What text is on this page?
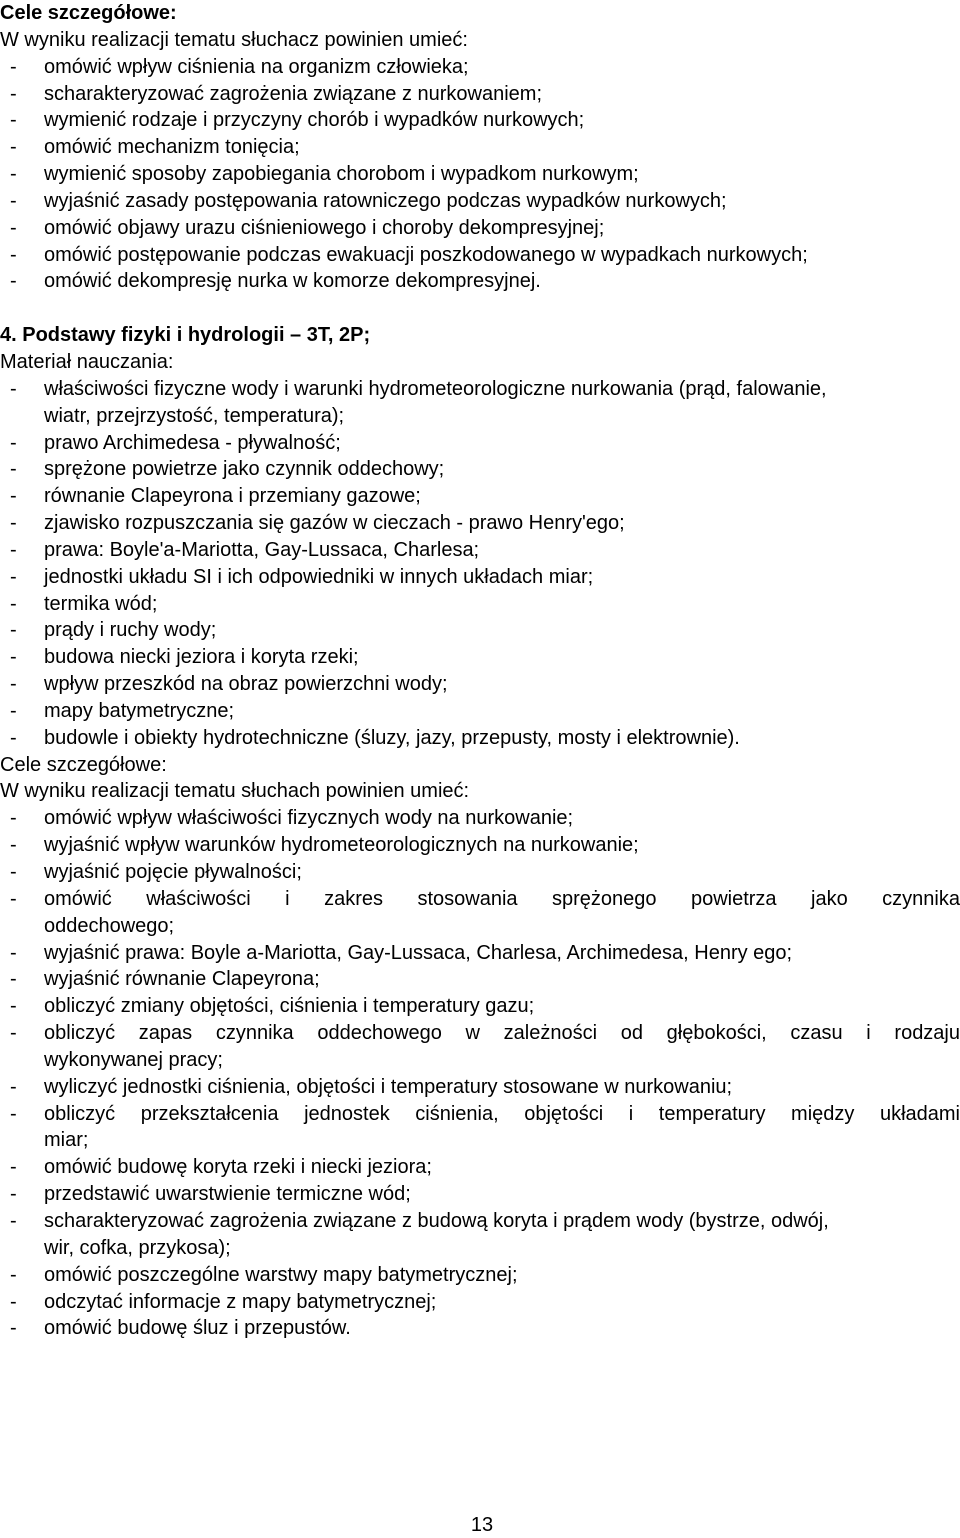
Cele szczegółowe:
W wyniku realizacji tematu słuchacz powinien umieć:
- omówić wpływ ciśnienia na organizm człowieka;
- scharakteryzować zagrożenia związane z nurkowaniem;
- wymienić rodzaje i przyczyny chorób i wypadków nurkowych;
- omówić mechanizm tonięcia;
- wymienić sposoby zapobiegania chorobom i wypadkom nurkowym;
- wyjaśnić zasady postępowania ratowniczego podczas wypadków nurkowych;
- omówić objawy urazu ciśnieniowego i choroby dekompresyjnej;
- omówić postępowanie podczas ewakuacji poszkodowanego w wypadkach nurkowych;
- omówić dekompresję nurka w komorze dekompresyjnej.
4. Podstawy fizyki i hydrologii – 3T, 2P;
Materiał nauczania:
- właściwości fizyczne wody i warunki hydrometeorologiczne nurkowania (prąd, falowanie,
wiatr, przejrzystość, temperatura);
- prawo Archimedesa - pływalność;
- sprężone powietrze jako czynnik oddechowy;
- równanie Clapeyrona i przemiany gazowe;
- zjawisko rozpuszczania się gazów w cieczach - prawo Henry'ego;
- prawa: Boyle'a-Mariotta, Gay-Lussaca, Charlesa;
- jednostki układu SI i ich odpowiedniki w innych układach miar;
- termika wód;
- prądy i ruchy wody;
- budowa niecki jeziora i koryta rzeki;
- wpływ przeszkód na obraz powierzchni wody;
- mapy batymetryczne;
- budowle i obiekty hydrotechniczne (śluzy, jazy, przepusty, mosty i elektrownie).
Cele szczegółowe:
W wyniku realizacji tematu słuchach powinien umieć:
- omówić wpływ właściwości fizycznych wody na nurkowanie;
- wyjaśnić wpływ warunków hydrometeorologicznych na nurkowanie;
- wyjaśnić pojęcie pływalności;
- omówić właściwości i zakres stosowania sprężonego powietrza jako czynnika
oddechowego;
- wyjaśnić prawa: Boyle a-Mariotta, Gay-Lussaca, Charlesa, Archimedesa, Henry ego;
- wyjaśnić równanie Clapeyrona;
- obliczyć zmiany objętości, ciśnienia i temperatury gazu;
- obliczyć zapas czynnika oddechowego w zależności od głębokości, czasu i rodzaju
wykonywanej pracy;
- wyliczyć jednostki ciśnienia, objętości i temperatury stosowane w nurkowaniu;
- obliczyć przekształcenia jednostek ciśnienia, objętości i temperatury między układami
miar;
- omówić budowę koryta rzeki i niecki jeziora;
- przedstawić uwarstwienie termiczne wód;
- scharakteryzować zagrożenia związane z budową koryta i prądem wody (bystrze, odwój,
wir, cofka, przykosa);
- omówić poszczególne warstwy mapy batymetrycznej;
- odczytać informacje z mapy batymetrycznej;
- omówić budowę śluz i przepustów.
13
